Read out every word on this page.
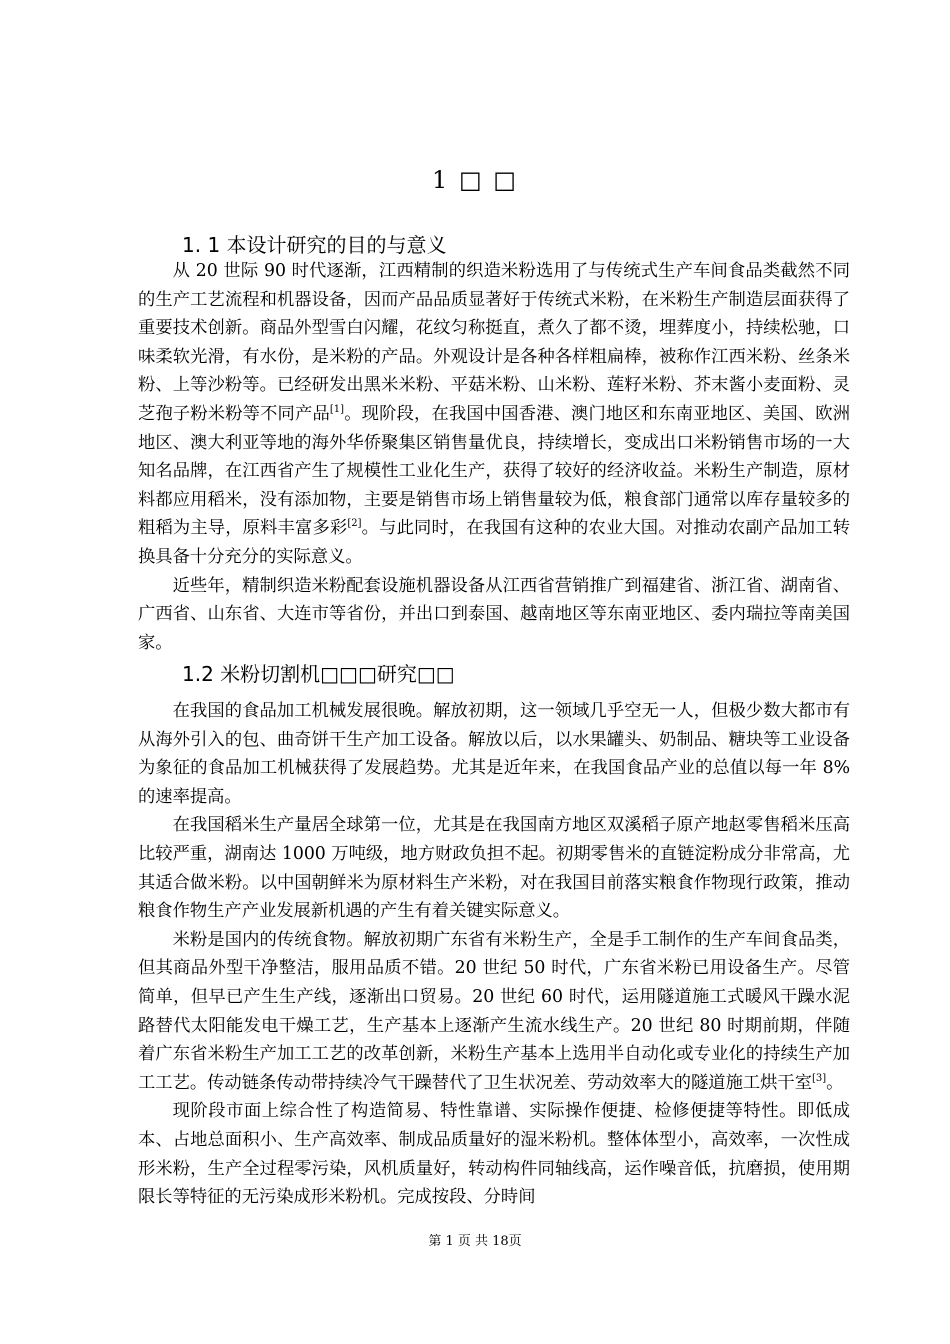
1 □ □
1. 1 本设计研究的目的与意义

从 20 世际 90 时代逐渐，江西精制的织造米粉选用了与传统式生产车间食品类截然不同的生产工艺流程和机器设备，因而产品品质显著好于传统式米粉，在米粉生产制造层面获得了重要技术创新。商品外型雪白闪耀，花纹匀称挺直，煮久了都不烫，埋葬度小，持续松驰，口味柔软光滑，有水份，是米粉的产品。外观设计是各种各样粗扁棒，被称作江西米粉、丝条米粉、上等沙粉等。已经研发出黑米米粉、平菇米粉、山米粉、莲籽米粉、芥末酱小麦面粉、灵芝孢子粉米粉等不同产品[1]。现阶段，在我国中国香港、澳门地区和东南亚地区、美国、欧洲地区、澳大利亚等地的海外华侨聚集区销售量优良，持续增长，变成出口米粉销售市场的一大知名品牌，在江西省产生了规模性工业化生产，获得了较好的经济收益。米粉生产制造，原材料都应用稻米，没有添加物，主要是销售市场上销售量较为低，粮食部门通常以库存量较多的粗稻为主导，原料丰富多彩[2]。与此同时，在我国有这种的农业大国。对推动农副产品加工转换具备十分充分的实际意义。

近些年，精制织造米粉配套设施机器设备从江西省营销推广到福建省、浙江省、湖南省、广西省、山东省、大连市等省份，并出口到泰国、越南地区等东南亚地区、委内瑞拉等南美国家。

1.2 米粉切割机□□□研究□□

在我国的食品加工机械发展很晚。解放初期，这一领域几乎空无一人，但极少数大都市有从海外引入的包、曲奇饼干生产加工设备。解放以后，以水果罐头、奶制品、糖块等工业设备为象征的食品加工机械获得了发展趋势。尤其是近年来，在我国食品产业的总值以每一年 8%的速率提高。

在我国稻米生产量居全球第一位，尤其是在我国南方地区双溪稻子原产地赵零售稻米压高比较严重，湖南达 1000 万吨级，地方财政负担不起。初期零售米的直链淀粉成分非常高，尤其适合做米粉。以中国朝鲜米为原材料生产米粉，对在我国目前落实粮食作物现行政策，推动粮食作物生产产业发展新机遇的产生有着关键实际意义。

米粉是国内的传统食物。解放初期广东省有米粉生产，全是手工制作的生产车间食品类，但其商品外型干净整洁，服用品质不错。20 世纪 50 时代，广东省米粉已用设备生产。尽管简单，但早已产生生产线，逐渐出口贸易。20 世纪 60 时代，运用隧道施工式暖风干躁水泥路替代太阳能发电干燥工艺，生产基本上逐渐产生流水线生产。20 世纪 80 时期前期，伴随着广东省米粉生产加工工艺的改革创新，米粉生产基本上选用半自动化或专业化的持续生产加工工艺。传动链条传动带持续冷气干躁替代了卫生状况差、劳动效率大的隧道施工烘干室[3]。

现阶段市面上综合性了构造简易、特性靠谱、实际操作便捷、检修便捷等特性。即低成本、占地总面积小、生产高效率、制成品质量好的湿米粉机。整体体型小，高效率，一次性成形米粉，生产全过程零污染，风机质量好，转动构件同轴线高，运作噪音低，抗磨损，使用期限长等特征的无污染成形米粉机。完成按段、分時间

第 1 页 共 18页
